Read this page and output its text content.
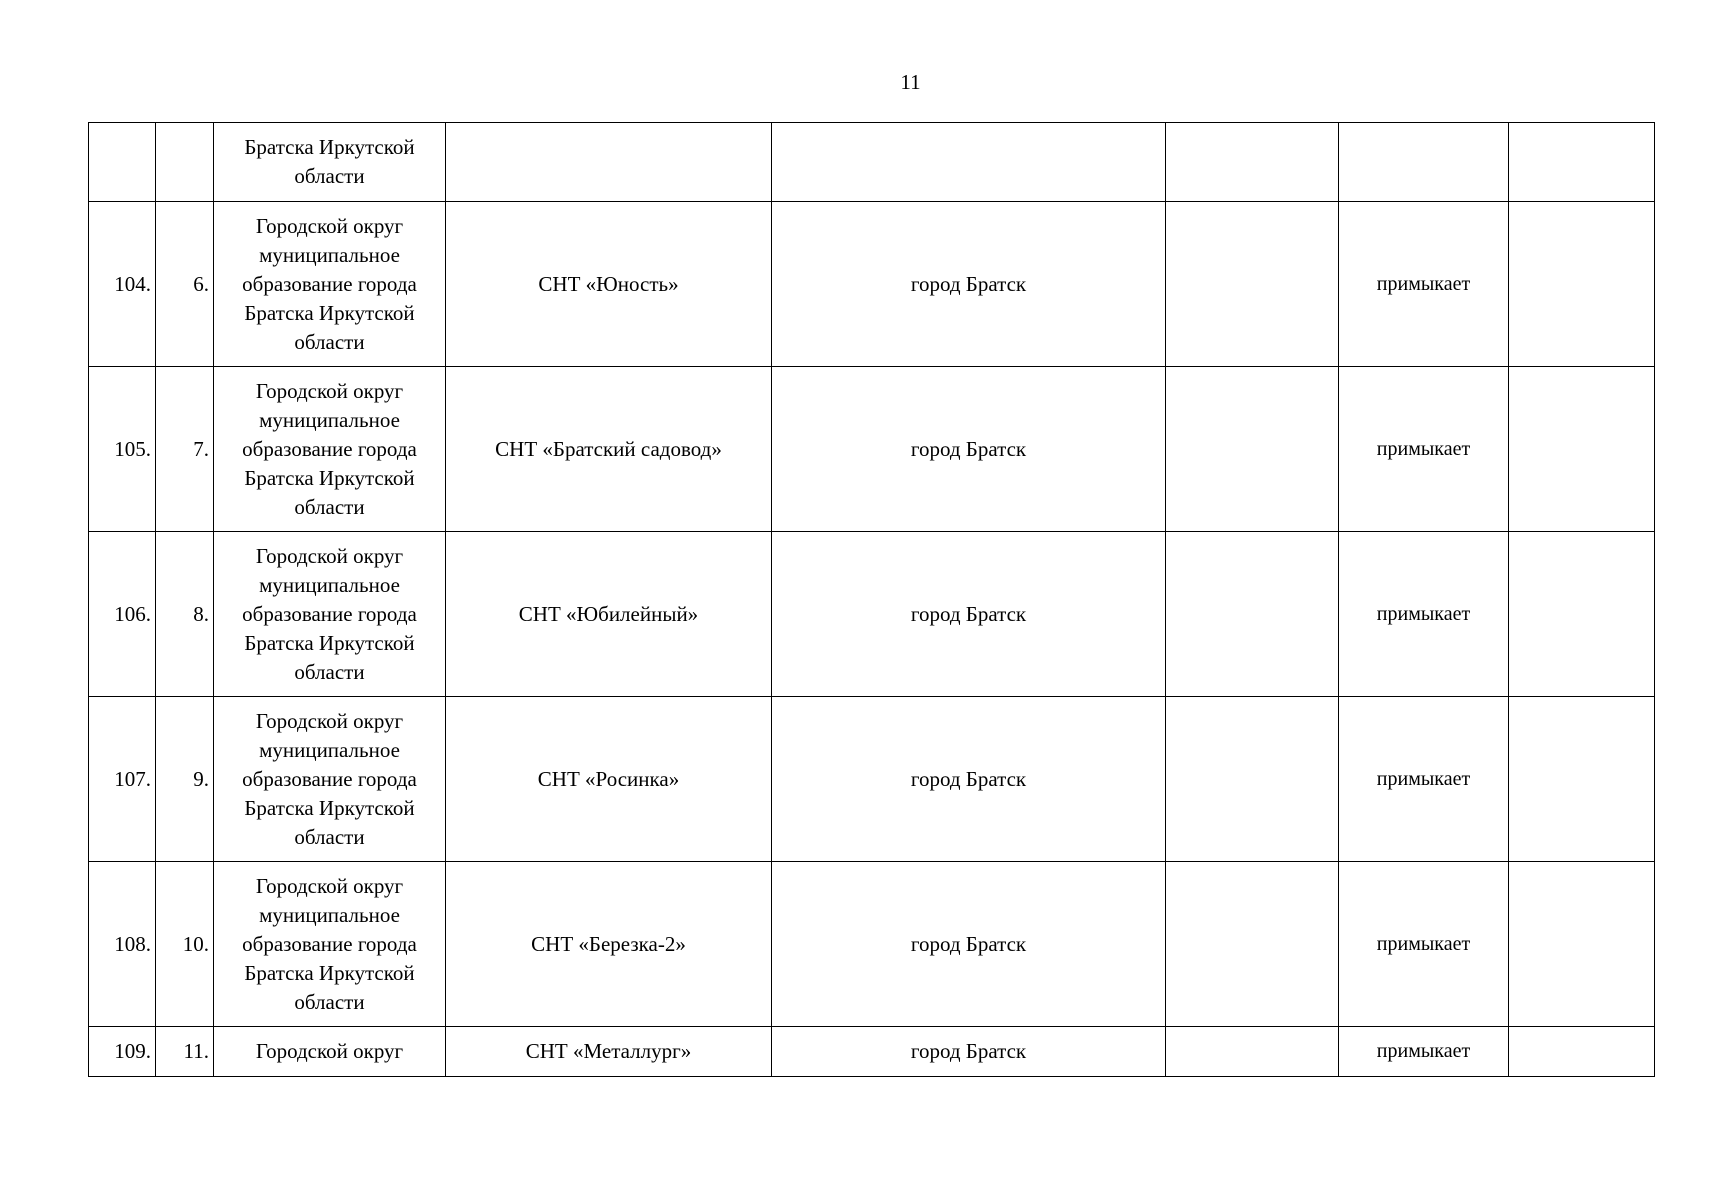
11
		Братска Иркутской области					
104.	6.	Городской округ муниципальное образование города Братска Иркутской области	СНТ «Юность»	город Братск		примыкает	
105.	7.	Городской округ муниципальное образование города Братска Иркутской области	СНТ «Братский садовод»	город Братск		примыкает	
106.	8.	Городской округ муниципальное образование города Братска Иркутской области	СНТ «Юбилейный»	город Братск		примыкает	
107.	9.	Городской округ муниципальное образование города Братска Иркутской области	СНТ «Росинка»	город Братск		примыкает	
108.	10.	Городской округ муниципальное образование города Братска Иркутской области	СНТ «Березка-2»	город Братск		примыкает	
109.	11.	Городской округ	СНТ «Металлург»	город Братск		примыкает	
